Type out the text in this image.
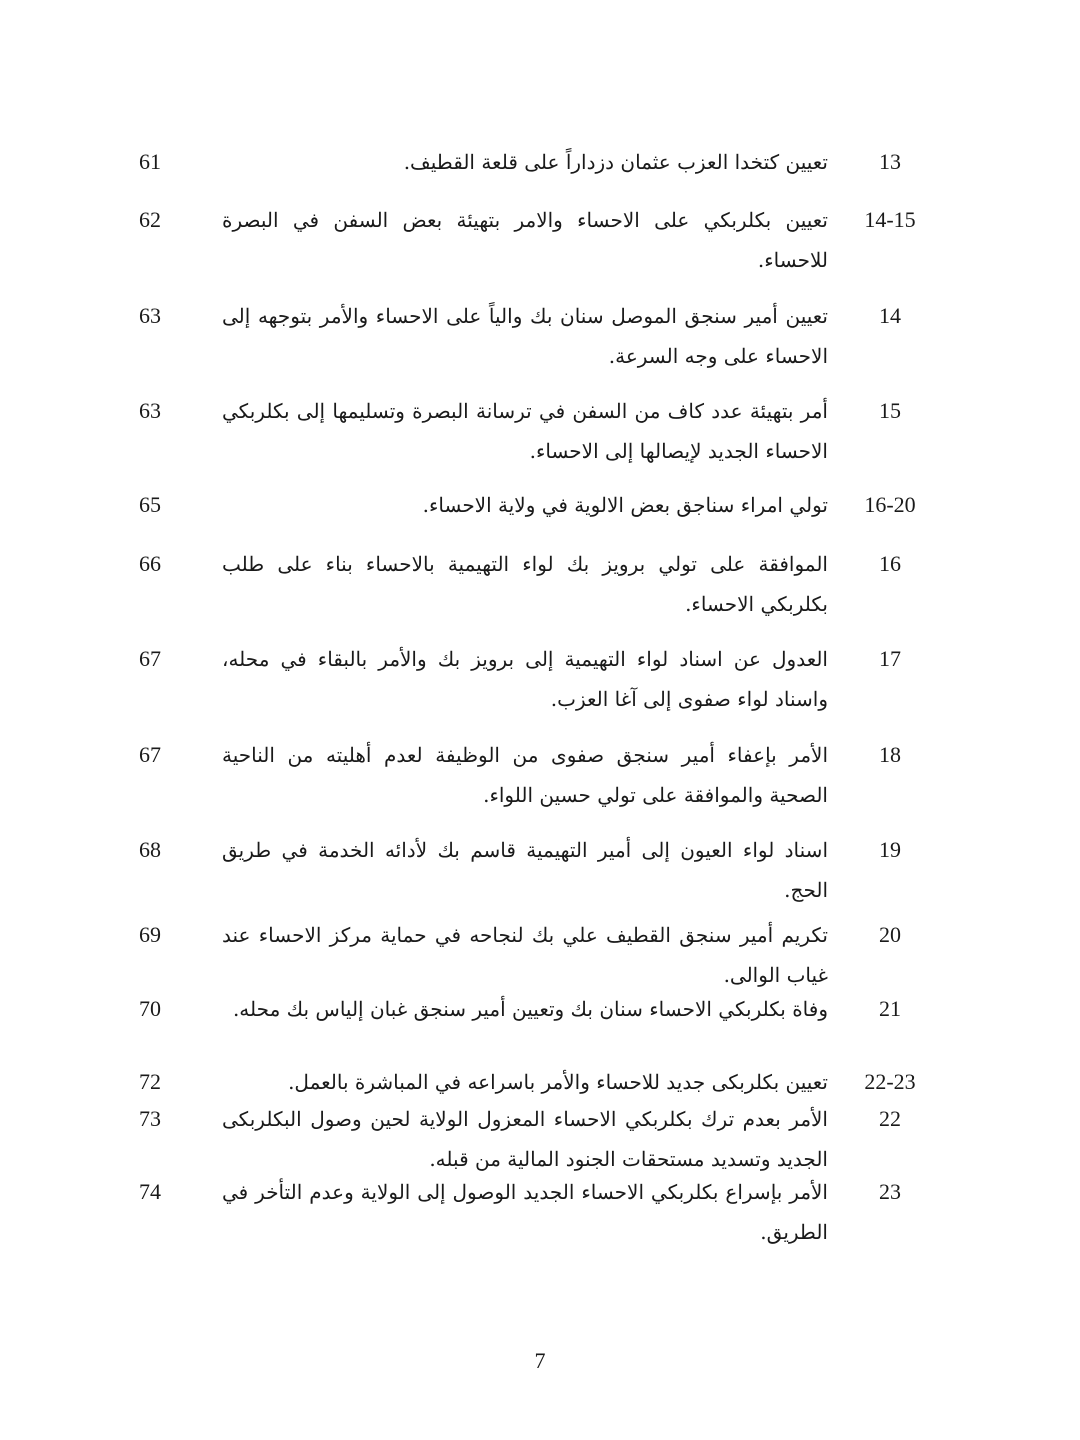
13
تعيين كتخدا العزب عثمان دزداراً على قلعة القطيف.
61
14-15
تعيين بكلربكي على الاحساء والامر بتهيئة بعض السفن في البصرة للاحساء.
62
14
تعيين أمير سنجق الموصل سنان بك والياً على الاحساء والأمر بتوجهه إلى الاحساء على وجه السرعة.
63
15
أمر بتهيئة عدد كاف من السفن في ترسانة البصرة وتسليمها إلى بكلربكي الاحساء الجديد لإيصالها إلى الاحساء.
63
16-20
تولي امراء سناجق بعض الالوية في ولاية الاحساء.
65
16
الموافقة على تولي برويز بك لواء التهيمية بالاحساء بناء على طلب بكلربكي الاحساء.
66
17
العدول عن اسناد لواء التهيمية إلى برويز بك والأمر بالبقاء في محله، واسناد لواء صفوى إلى آغا العزب.
67
18
الأمر بإعفاء أمير سنجق صفوى من الوظيفة لعدم أهليته من الناحية الصحية والموافقة على تولي حسين اللواء.
67
19
اسناد لواء العيون إلى أمير التهيمية قاسم بك لأدائه الخدمة في طريق الحج.
68
20
تكريم أمير سنجق القطيف علي بك لنجاحه في حماية مركز الاحساء عند غياب الوالى.
69
21
وفاة بكلربكي الاحساء سنان بك وتعيين أمير سنجق غبان إلياس بك محله.
70
22-23
تعيين بكلربكى جديد للاحساء والأمر باسراعه في المباشرة بالعمل.
72
22
الأمر بعدم ترك بكلربكي الاحساء المعزول الولاية لحين وصول البكلربكى الجديد وتسديد مستحقات الجنود المالية من قبله.
73
23
الأمر بإسراع بكلربكي الاحساء الجديد الوصول إلى الولاية وعدم التأخر في الطريق.
74
7
